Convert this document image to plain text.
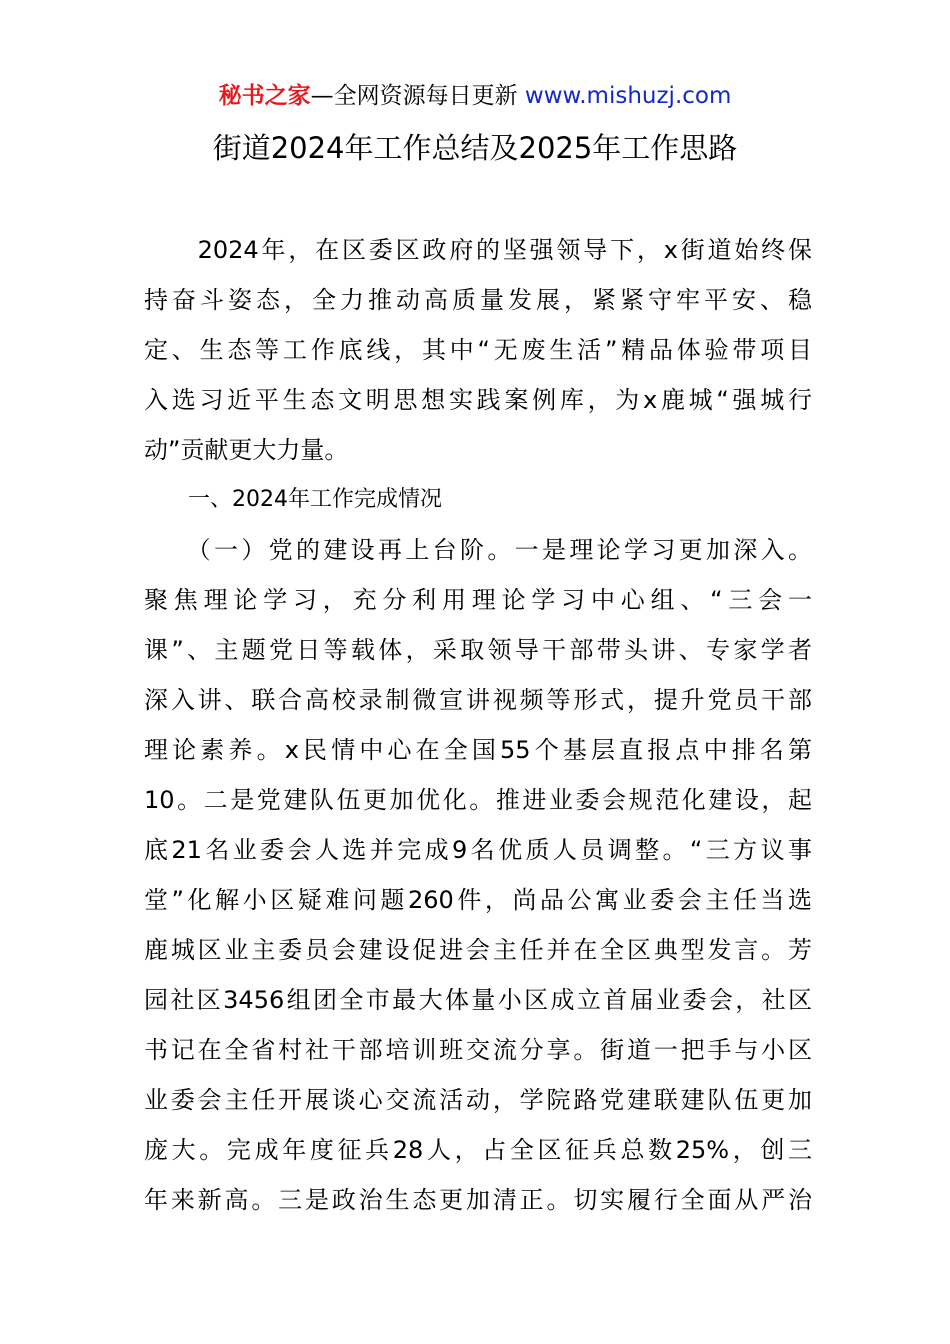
秘书之家—全网资源每日更新 www.mishuzj.com
街道2024年工作总结及2025年工作思路
　　2024年，在区委区政府的坚强领导下，x街道始终保
持奋斗姿态，全力推动高质量发展，紧紧守牢平安、稳
定、生态等工作底线，其中“无废生活”精品体验带项目
入选习近平生态文明思想实践案例库，为x鹿城“强城行
动”贡献更大力量。
　　一、2024年工作完成情况
　　（一）党的建设再上台阶。一是理论学习更加深入。
聚焦理论学习，充分利用理论学习中心组、“三会一
课”、主题党日等载体，采取领导干部带头讲、专家学者
深入讲、联合高校录制微宣讲视频等形式，提升党员干部
理论素养。x民情中心在全国55个基层直报点中排名第
10。二是党建队伍更加优化。推进业委会规范化建设，起
底21名业委会人选并完成9名优质人员调整。“三方议事
堂”化解小区疑难问题260件，尚品公寓业委会主任当选
鹿城区业主委员会建设促进会主任并在全区典型发言。芳
园社区3456组团全市最大体量小区成立首届业委会，社区
书记在全省村社干部培训班交流分享。街道一把手与小区
业委会主任开展谈心交流活动，学院路党建联建队伍更加
庞大。完成年度征兵28人，占全区征兵总数25%，创三
年来新高。三是政治生态更加清正。切实履行全面从严治
